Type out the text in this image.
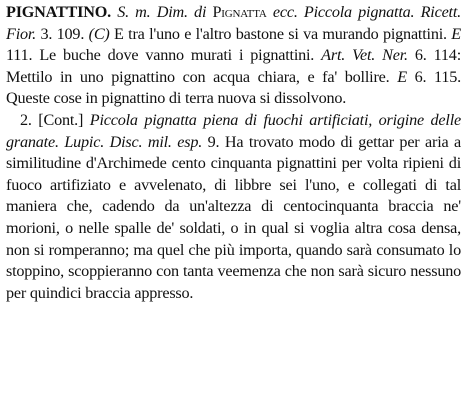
PIGNATTINO. S. m. Dim. di Pignatta ecc. Piccola pignatta. Ricett. Fior. 3. 109. (C) E tra l'uno e l'altro bastone si va murando pignattini. E 111. Le buche dove vanno murati i pignattini. Art. Vet. Ner. 6. 114: Mettilo in uno pignattino con acqua chiara, e fa' bollire. E 6. 115. Queste cose in pignattino di terra nuova si dissolvono.

2. [Cont.] Piccola pignatta piena di fuochi artificiati, origine delle granate. Lupic. Disc. mil. esp. 9. Ha trovato modo di gettar per aria a similitudine d'Archimede cento cinquanta pignattini per volta ripieni di fuoco artifiziato e avvelenato, di libbre sei l'uno, e collegati di tal maniera che, cadendo da un'altezza di centocinquanta braccia ne' morioni, o nelle spalle de' soldati, o in qual si voglia altra cosa densa, non si romperanno; ma quel che più importa, quando sarà consumato lo stoppino, scoppieranno con tanta veemenza che non sarà sicuro nessuno per quindici braccia appresso.
